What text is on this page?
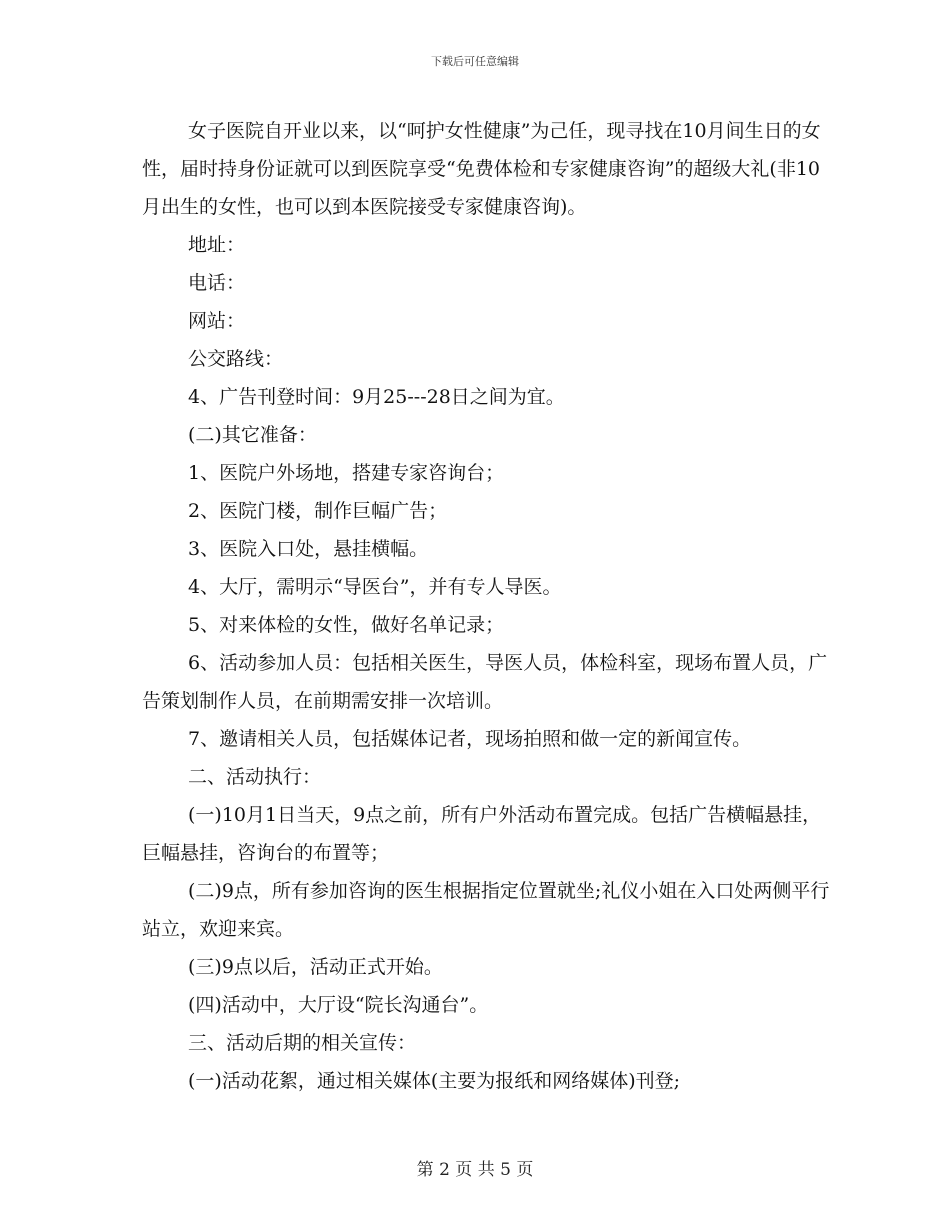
下载后可任意编辑

女子医院自开业以来，以“呵护女性健康”为己任，现寻找在10月间生日的女性，届时持身份证就可以到医院享受“免费体检和专家健康咨询”的超级大礼(非10月出生的女性，也可以到本医院接受专家健康咨询)。

地址：

电话：

网站：

公交路线：

4、广告刊登时间：9月25---28日之间为宜。

(二)其它准备：

1、医院户外场地，搭建专家咨询台；

2、医院门楼，制作巨幅广告；

3、医院入口处，悬挂横幅。

4、大厅，需明示“导医台”，并有专人导医。

5、对来体检的女性，做好名单记录；

6、活动参加人员：包括相关医生，导医人员，体检科室，现场布置人员，广告策划制作人员，在前期需安排一次培训。

7、邀请相关人员，包括媒体记者，现场拍照和做一定的新闻宣传。

二、活动执行：

(一)10月1日当天，9点之前，所有户外活动布置完成。包括广告横幅悬挂，巨幅悬挂，咨询台的布置等；

(二)9点，所有参加咨询的医生根据指定位置就坐;礼仪小姐在入口处两侧平行站立，欢迎来宾。

(三)9点以后，活动正式开始。

(四)活动中，大厅设“院长沟通台”。

三、活动后期的相关宣传：

(一)活动花絮，通过相关媒体(主要为报纸和网络媒体)刊登;

第 2 页 共 5 页
